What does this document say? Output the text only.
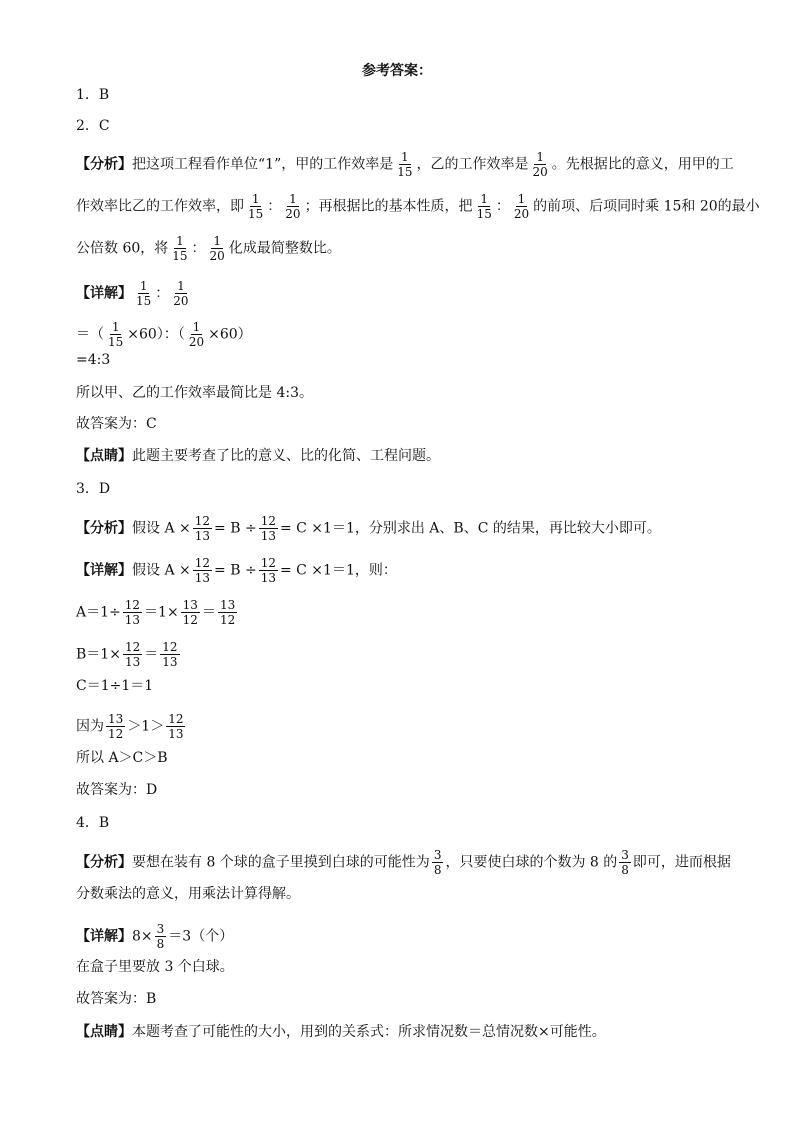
参考答案：
1．B
2．C
【分析】把这项工程看作单位“1”，甲的工作效率是 $\frac{1}{15}$ ，乙的工作效率是 $\frac{1}{20}$ 。先根据比的意义，用甲的工
作效率比乙的工作效率，即 $\frac{1}{15}$ ： $\frac{1}{20}$ ；再根据比的基本性质，把 $\frac{1}{15}$ ： $\frac{1}{20}$ 的前项、后项同时乘 15和 20的最小
公倍数 60，将 $\frac{1}{15}$ ： $\frac{1}{20}$ 化成最简整数比。
【详解】 $\frac{1}{15}$ ： $\frac{1}{20}$
＝（ $\frac{1}{15} \times 60$）：（ $\frac{1}{20} \times 60$）
=4:3
所以甲、乙的工作效率最简比是 4:3。
故答案为：C
【点睛】此题主要考查了比的意义、比的化简、工程问题。
3．D
【分析】假设 $A \times \frac{12}{13} = B \div \frac{12}{13} = C \times 1=1$，分别求出 A、B、C 的结果，再比较大小即可。
【详解】假设 $A \times \frac{12}{13} = B \div \frac{12}{13} = C \times 1=1$，则：
$A=1\div \frac{12}{13} =1\times \frac{13}{12} = \frac{13}{12}$
$B=1\times \frac{12}{13} = \frac{12}{13}$
C＝1÷1＝1
因为 $\frac{13}{12} >1> \frac{12}{13}$
所以 A＞C＞B
故答案为：D
4．B
【分析】要想在装有 8 个球的盒子里摸到白球的可能性为 $\frac{3}{8}$ ，只要使白球的个数为 8 的 $\frac{3}{8}$ 即可，进而根据
分数乘法的意义，用乘法计算得解。
【详解】$8\times \frac{3}{8} =3$（个）
在盒子里要放 3 个白球。
故答案为：B
【点睛】本题考查了可能性的大小，用到的关系式：所求情况数＝总情况数×可能性。
